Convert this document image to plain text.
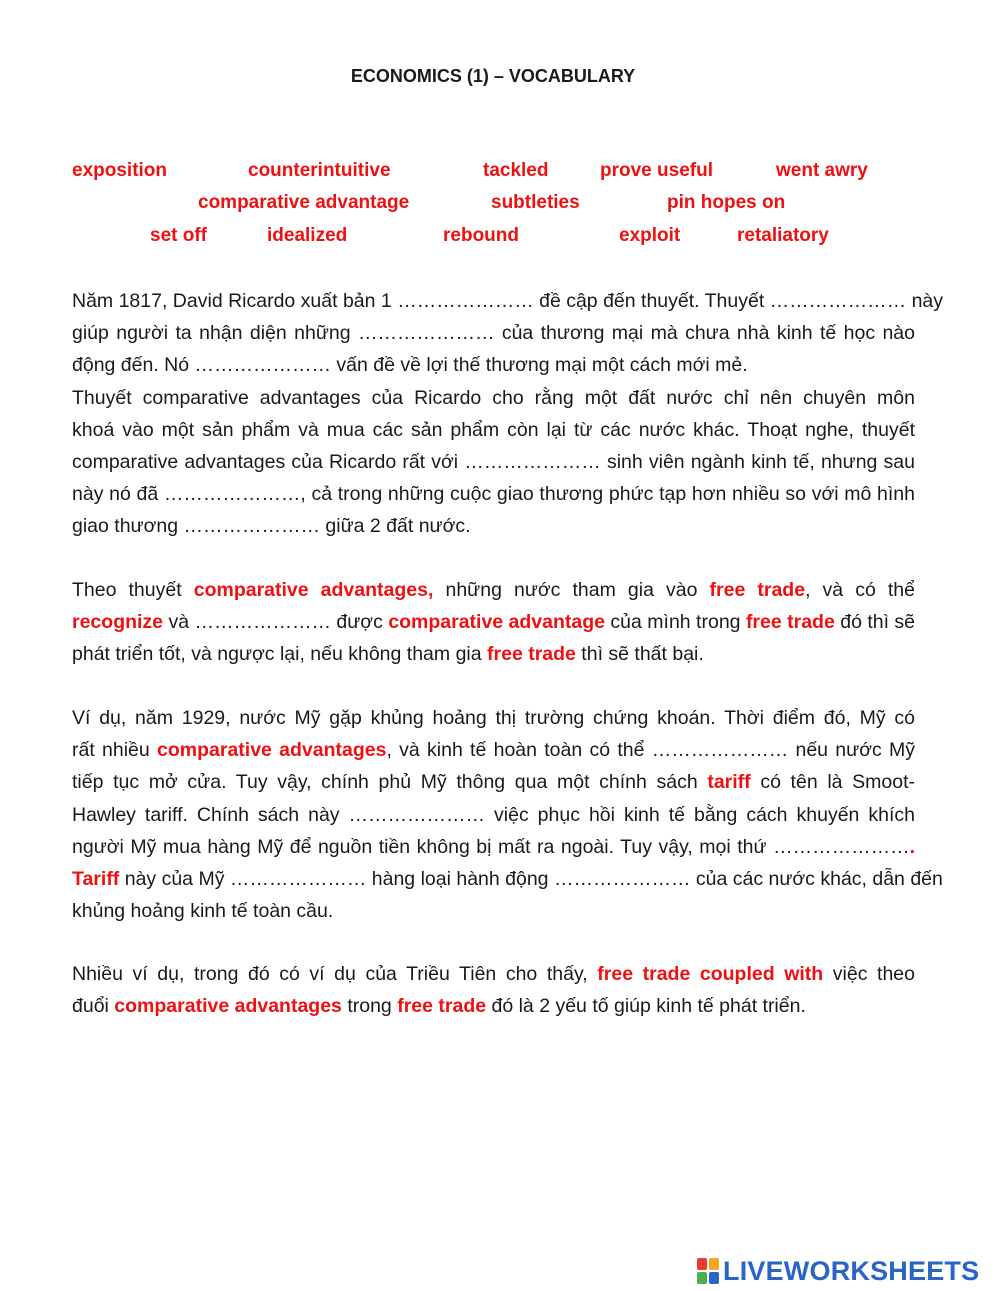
ECONOMICS (1) – VOCABULARY
exposition	counterintuitive	tackled	prove useful	went awry
comparative advantage	subtleties	pin hopes on
set off	idealized	rebound	exploit	retaliatory
Năm 1817, David Ricardo xuất bản 1 ………………… đề cập đến thuyết. Thuyết ………………… này
giúp người ta nhận diện những ………………… của thương mại mà chưa nhà kinh tế học nào
động đến. Nó ………………… vấn đề về lợi thế thương mại một cách mới mẻ.
Thuyết comparative advantages của Ricardo cho rằng một đất nước chỉ nên chuyên môn
khoá vào một sản phẩm và mua các sản phẩm còn lại từ các nước khác. Thoạt nghe, thuyết
comparative advantages của Ricardo rất với ………………… sinh viên ngành kinh tế, nhưng sau
này nó đã …………………, cả trong những cuộc giao thương phức tạp hơn nhiều so với mô hình
giao thương ………………… giữa 2 đất nước.
Theo thuyết comparative advantages, những nước tham gia vào free trade, và có thể
recognize và ………………… được comparative advantage của mình trong free trade đó thì sẽ
phát triển tốt, và ngược lại, nếu không tham gia free trade thì sẽ thất bại.
Ví dụ, năm 1929, nước Mỹ gặp khủng hoảng thị trường chứng khoán. Thời điểm đó, Mỹ có
rất nhiều comparative advantages, và kinh tế hoàn toàn có thể ………………… nếu nước Mỹ
tiếp tục mở cửa. Tuy vậy, chính phủ Mỹ thông qua một chính sách tariff có tên là Smoot-
Hawley tariff. Chính sách này ………………… việc phục hồi kinh tế bằng cách khuyến khích
người Mỹ mua hàng Mỹ để nguồn tiền không bị mất ra ngoài. Tuy vậy, mọi thứ ………………….
Tariff này của Mỹ ………………… hàng loại hành động ………………… của các nước khác, dẫn đến
khủng hoảng kinh tế toàn cầu.
Nhiều ví dụ, trong đó có ví dụ của Triều Tiên cho thấy, free trade coupled with việc theo
đuổi comparative advantages trong free trade đó là 2 yếu tố giúp kinh tế phát triển.
LIVEWORKSHEETS
